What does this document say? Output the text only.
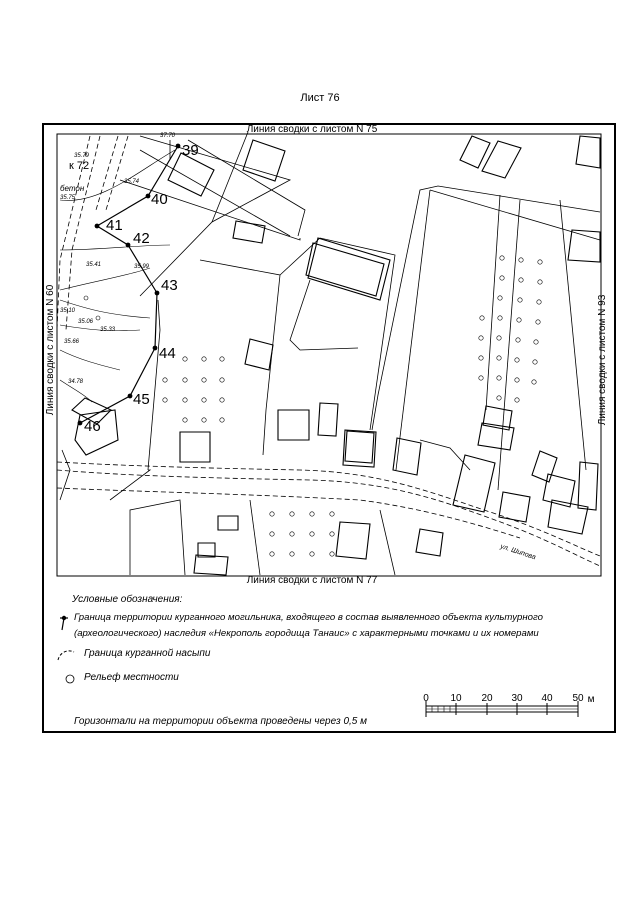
Лист 76
39
40
41
42
43
44
45
46
к 72
бетон
ул. Шипова
37.70
35.79
35.74
35.75
35.41	35.99
35.06
35.10
35.33
35.66
34.78
Линия сводки с листом N 75
Линия сводки с листом N 77
Линия сводки с листом N 60	Линия сводки с листом N 93
0 10 20 30 40 50 м
Условные обозначения:
Граница территории курганного могильника, входящего в состав выявленного объекта культурного
(археологического) наследия «Некрополь городища Танаис» с характерными точками и их номерами
Граница курганной насыпи
Рельеф местности
Горизонтали на территории объекта проведены через 0,5 м
